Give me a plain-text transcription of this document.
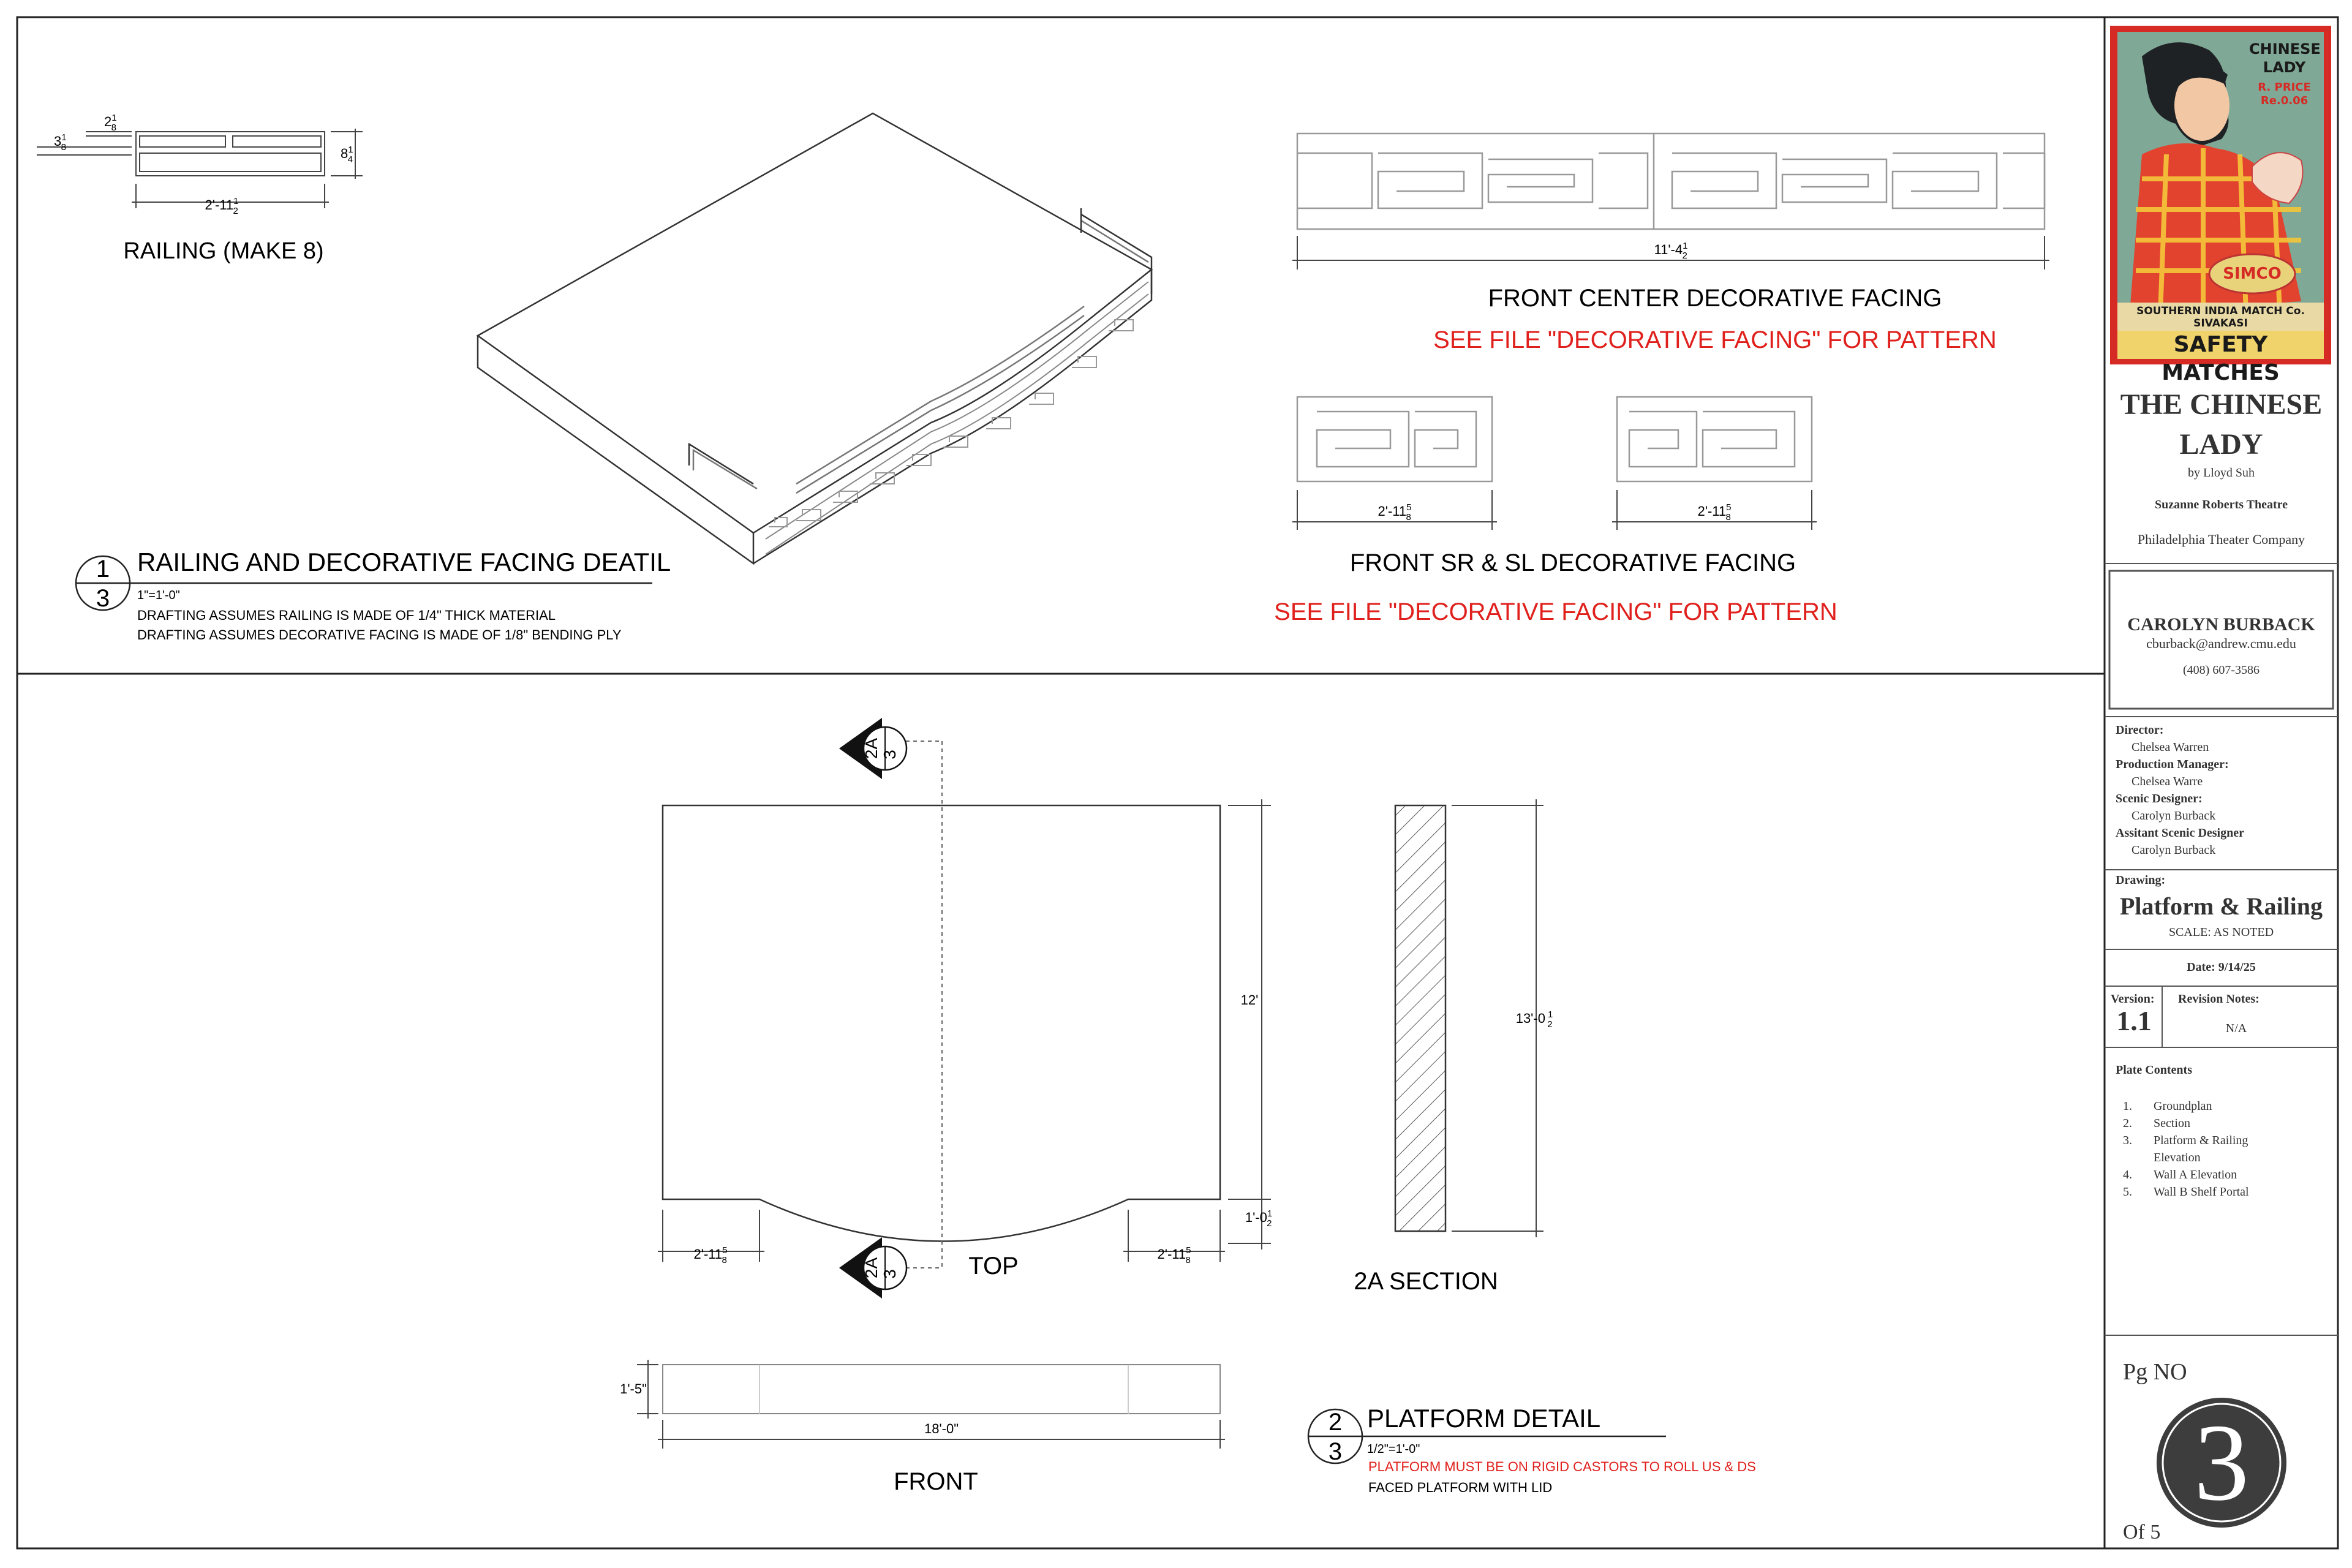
$2'-11^1$ 2
$8^1$ 4
$3^1$ 8
$2^1$ 8
RAILING (MAKE 8)
1
3
RAILING AND DECORATIVE FACING DEATIL
1"=1'-0"
DRAFTING ASSUMES RAILING IS MADE OF 1/4" THICK MATERIAL
DRAFTING ASSUMES DECORATIVE FACING IS MADE OF 1/8" BENDING PLY
$11'-4^1$ 2
FRONT CENTER DECORATIVE FACING
SEE FILE "DECORATIVE FACING" FOR PATTERN
$2'-11^5$ 8	$2'-11^5$ 8
FRONT SR & SL DECORATIVE FACING
SEE FILE "DECORATIVE FACING" FOR PATTERN
2A 3
2A 3
12'
$1'-0^1$ 2
$2'-11^5$ 8	$2'-11^5$ 8
TOP
13'-0 $^1$ 2
2A SECTION
1'-5"
18'-0"
FRONT
2
3
PLATFORM DETAIL
1/2"=1'-0"
PLATFORM MUST BE ON RIGID CASTORS TO ROLL US & DS
FACED PLATFORM WITH LID
CHINESE
LADY
R. PRICE
Re.0.06
SIMCO
SOUTHERN INDIA MATCH Co. SIVAKASI
SAFETY MATCHES
THE CHINESE
LADY
by Lloyd Suh
Suzanne Roberts Theatre
Philadelphia Theater Company
CAROLYN BURBACK
cburback@andrew.cmu.edu
(408) 607-3586
Director:
Chelsea Warren
Production Manager:
Chelsea Warre
Scenic Designer:
Carolyn Burback
Assitant Scenic Designer
Carolyn Burback
Drawing:
Platform & Railing
SCALE: AS NOTED
Date: 9/14/25
Version:
1.1
Revision Notes:
N/A
Plate Contents
1. Groundplan
2. Section
3. Platform & Railing
Elevation
4. Wall A Elevation
5. Wall B Shelf Portal
Pg NO
3
Of 5
